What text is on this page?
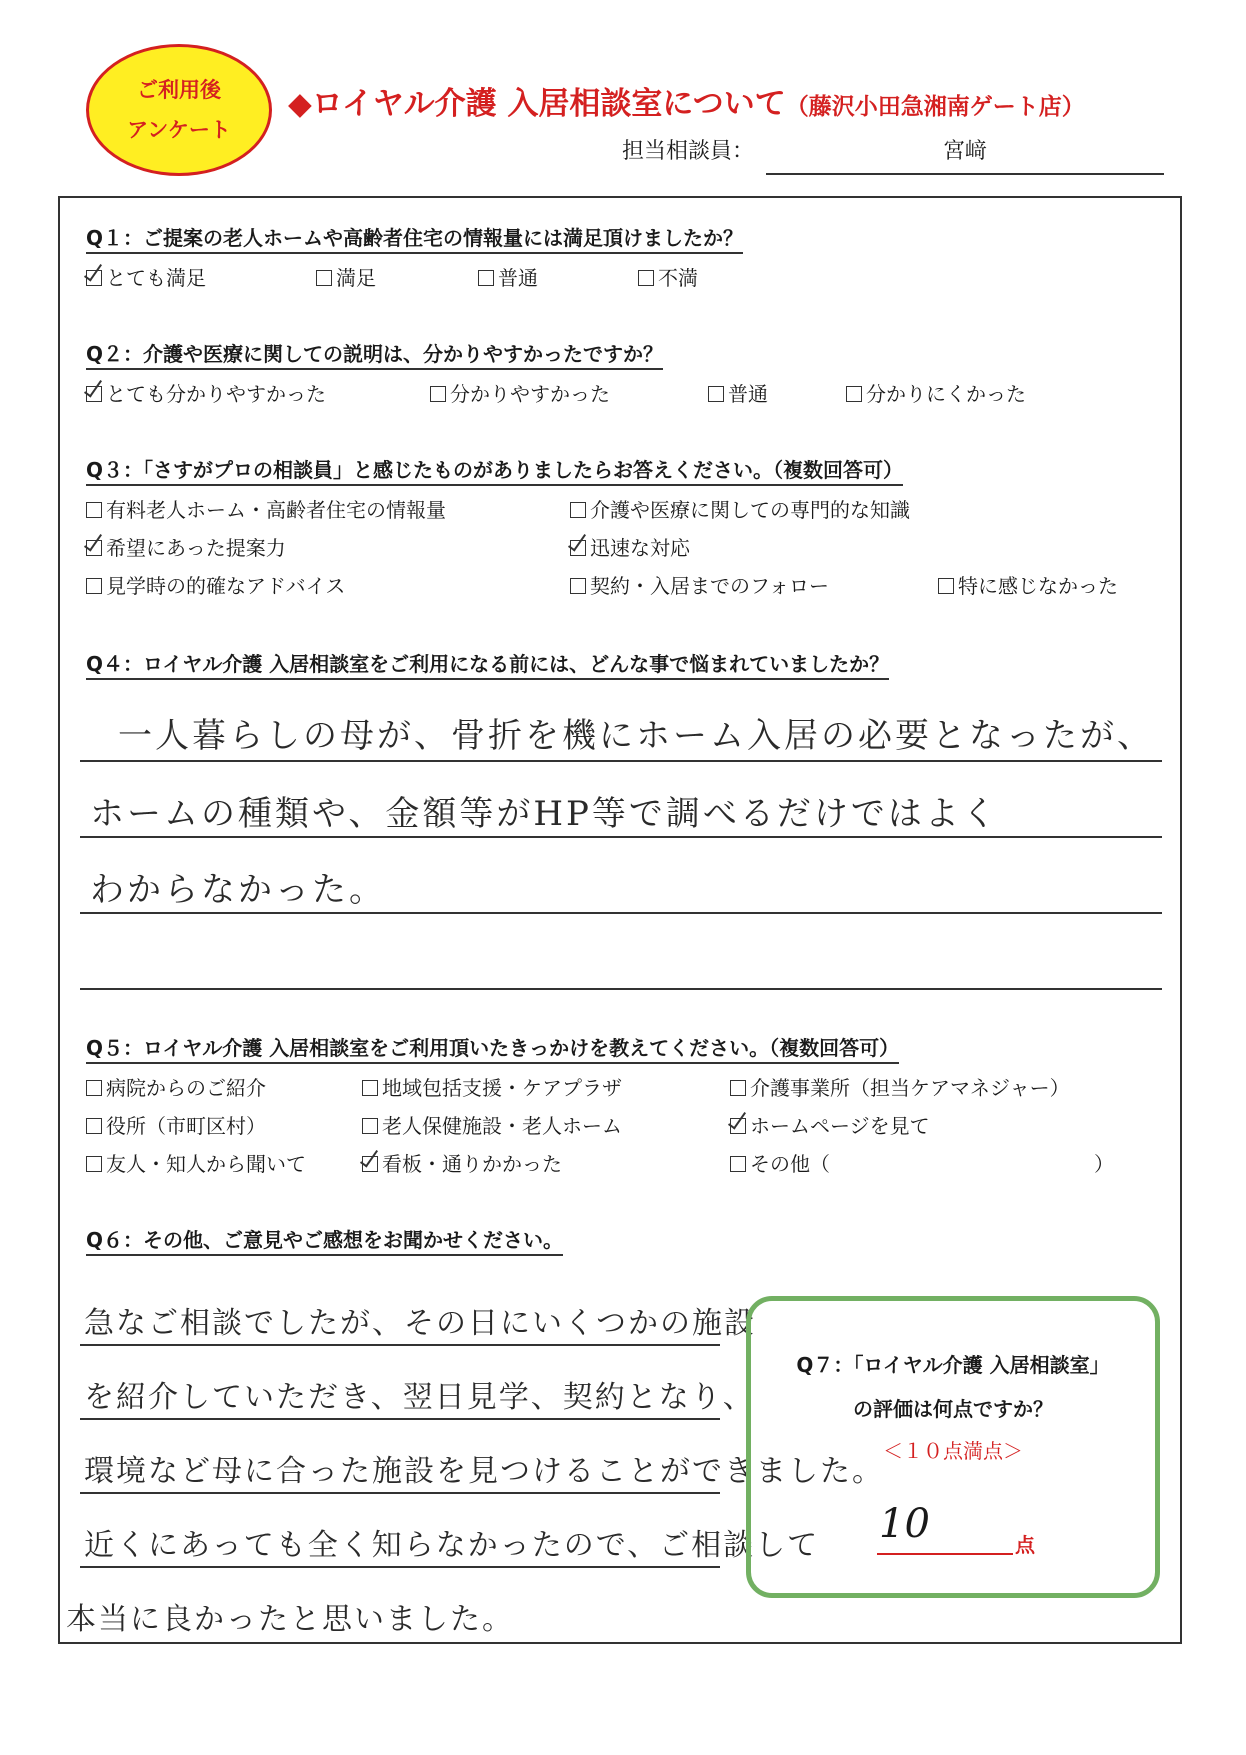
ご利用後
アンケート
◆ロイヤル介護 入居相談室について（藤沢小田急湘南ゲート店）
担当相談員：	宮﨑
Q１：ご提案の老人ホームや高齢者住宅の情報量には満足頂けましたか？
とても満足	満足	普通	不満
Q２：介護や医療に関しての説明は、分かりやすかったですか？
とても分かりやすかった	分かりやすかった	普通	分かりにくかった
Q３：「さすがプロの相談員」と感じたものがありましたらお答えください。（複数回答可）
有料老人ホーム・高齢者住宅の情報量	介護や医療に関しての専門的な知識
希望にあった提案力	迅速な対応
見学時の的確なアドバイス	契約・入居までのフォロー	特に感じなかった
Q４：ロイヤル介護 入居相談室をご利用になる前には、どんな事で悩まれていましたか？
一人暮らしの母が、骨折を機にホーム入居の必要となったが、
ホームの種類や、金額等がHP等で調べるだけではよく
わからなかった。
Q５：ロイヤル介護 入居相談室をご利用頂いたきっかけを教えてください。（複数回答可）
病院からのご紹介	地域包括支援・ケアプラザ	介護事業所（担当ケアマネジャー）
役所（市町区村）	老人保健施設・老人ホーム	ホームページを見て
友人・知人から聞いて	看板・通りかかった	その他（	）
Q６：その他、ご意見やご感想をお聞かせください。
急なご相談でしたが、その日にいくつかの施設
を紹介していただき、翌日見学、契約となり、
環境など母に合った施設を見つけることができました。
近くにあっても全く知らなかったので、ご相談して
本当に良かったと思いました。
Q７：「ロイヤル介護 入居相談室」
の評価は何点ですか？
＜１０点満点＞
10	点
